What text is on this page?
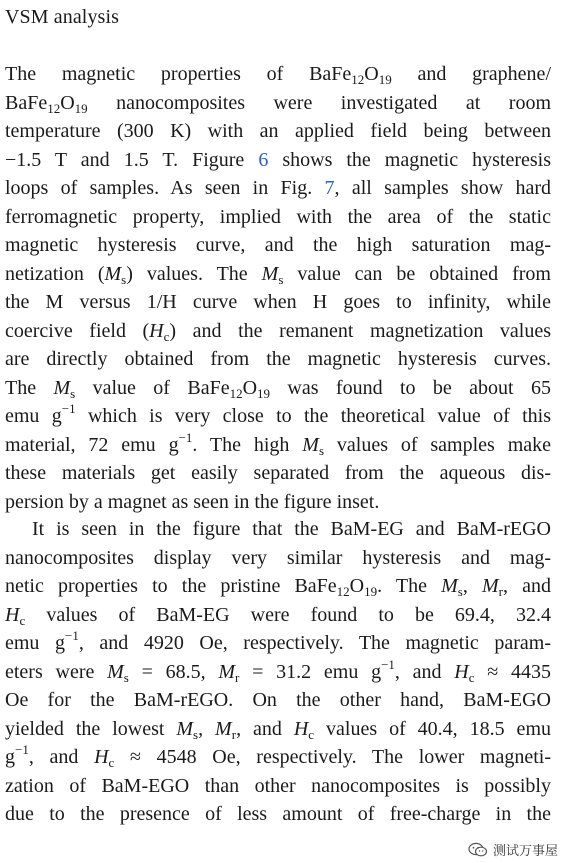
VSM analysis
The magnetic properties of $BaFe_{12}O_{19}$ and graphene/
$BaFe_{12}O_{19}$ nanocomposites were investigated at room
temperature (300 K) with an applied field being between
−1.5 T and 1.5 T. Figure 6 shows the magnetic hysteresis
loops of samples. As seen in Fig. 7, all samples show hard
ferromagnetic property, implied with the area of the static
magnetic hysteresis curve, and the high saturation mag-
netization $(M_s)$ values. The $M_s$ value can be obtained from
the M versus 1/H curve when H goes to infinity, while
coercive field $(H_c)$ and the remanent magnetization values
are directly obtained from the magnetic hysteresis curves.
The $M_s$ value of $BaFe_{12}O_{19}$ was found to be about 65
emu $g^{-1}$ which is very close to the theoretical value of this
material, 72 emu $g^{-1}$. The high $M_s$ values of samples make
these materials get easily separated from the aqueous dis-
persion by a magnet as seen in the figure inset.
It is seen in the figure that the BaM-EG and BaM-rEGO
nanocomposites display very similar hysteresis and mag-
netic properties to the pristine $BaFe_{12}O_{19}$. The $M_s$, $M_r$, and
$H_c$ values of BaM-EG were found to be 69.4, 32.4
emu $g^{-1}$, and 4920 Oe, respectively. The magnetic param-
eters were $M_s = 68.5$, $M_r = 31.2$ emu $g^{-1}$, and $H_c \approx 4435$
Oe for the BaM-rEGO. On the other hand, BaM-EGO
yielded the lowest $M_s$, $M_r$, and $H_c$ values of 40.4, 18.5 emu
$g^{-1}$, and $H_c \approx 4548$ Oe, respectively. The lower magneti-
zation of BaM-EGO than other nanocomposites is possibly
due to the presence of less amount of free-charge in the
测试万事屋
